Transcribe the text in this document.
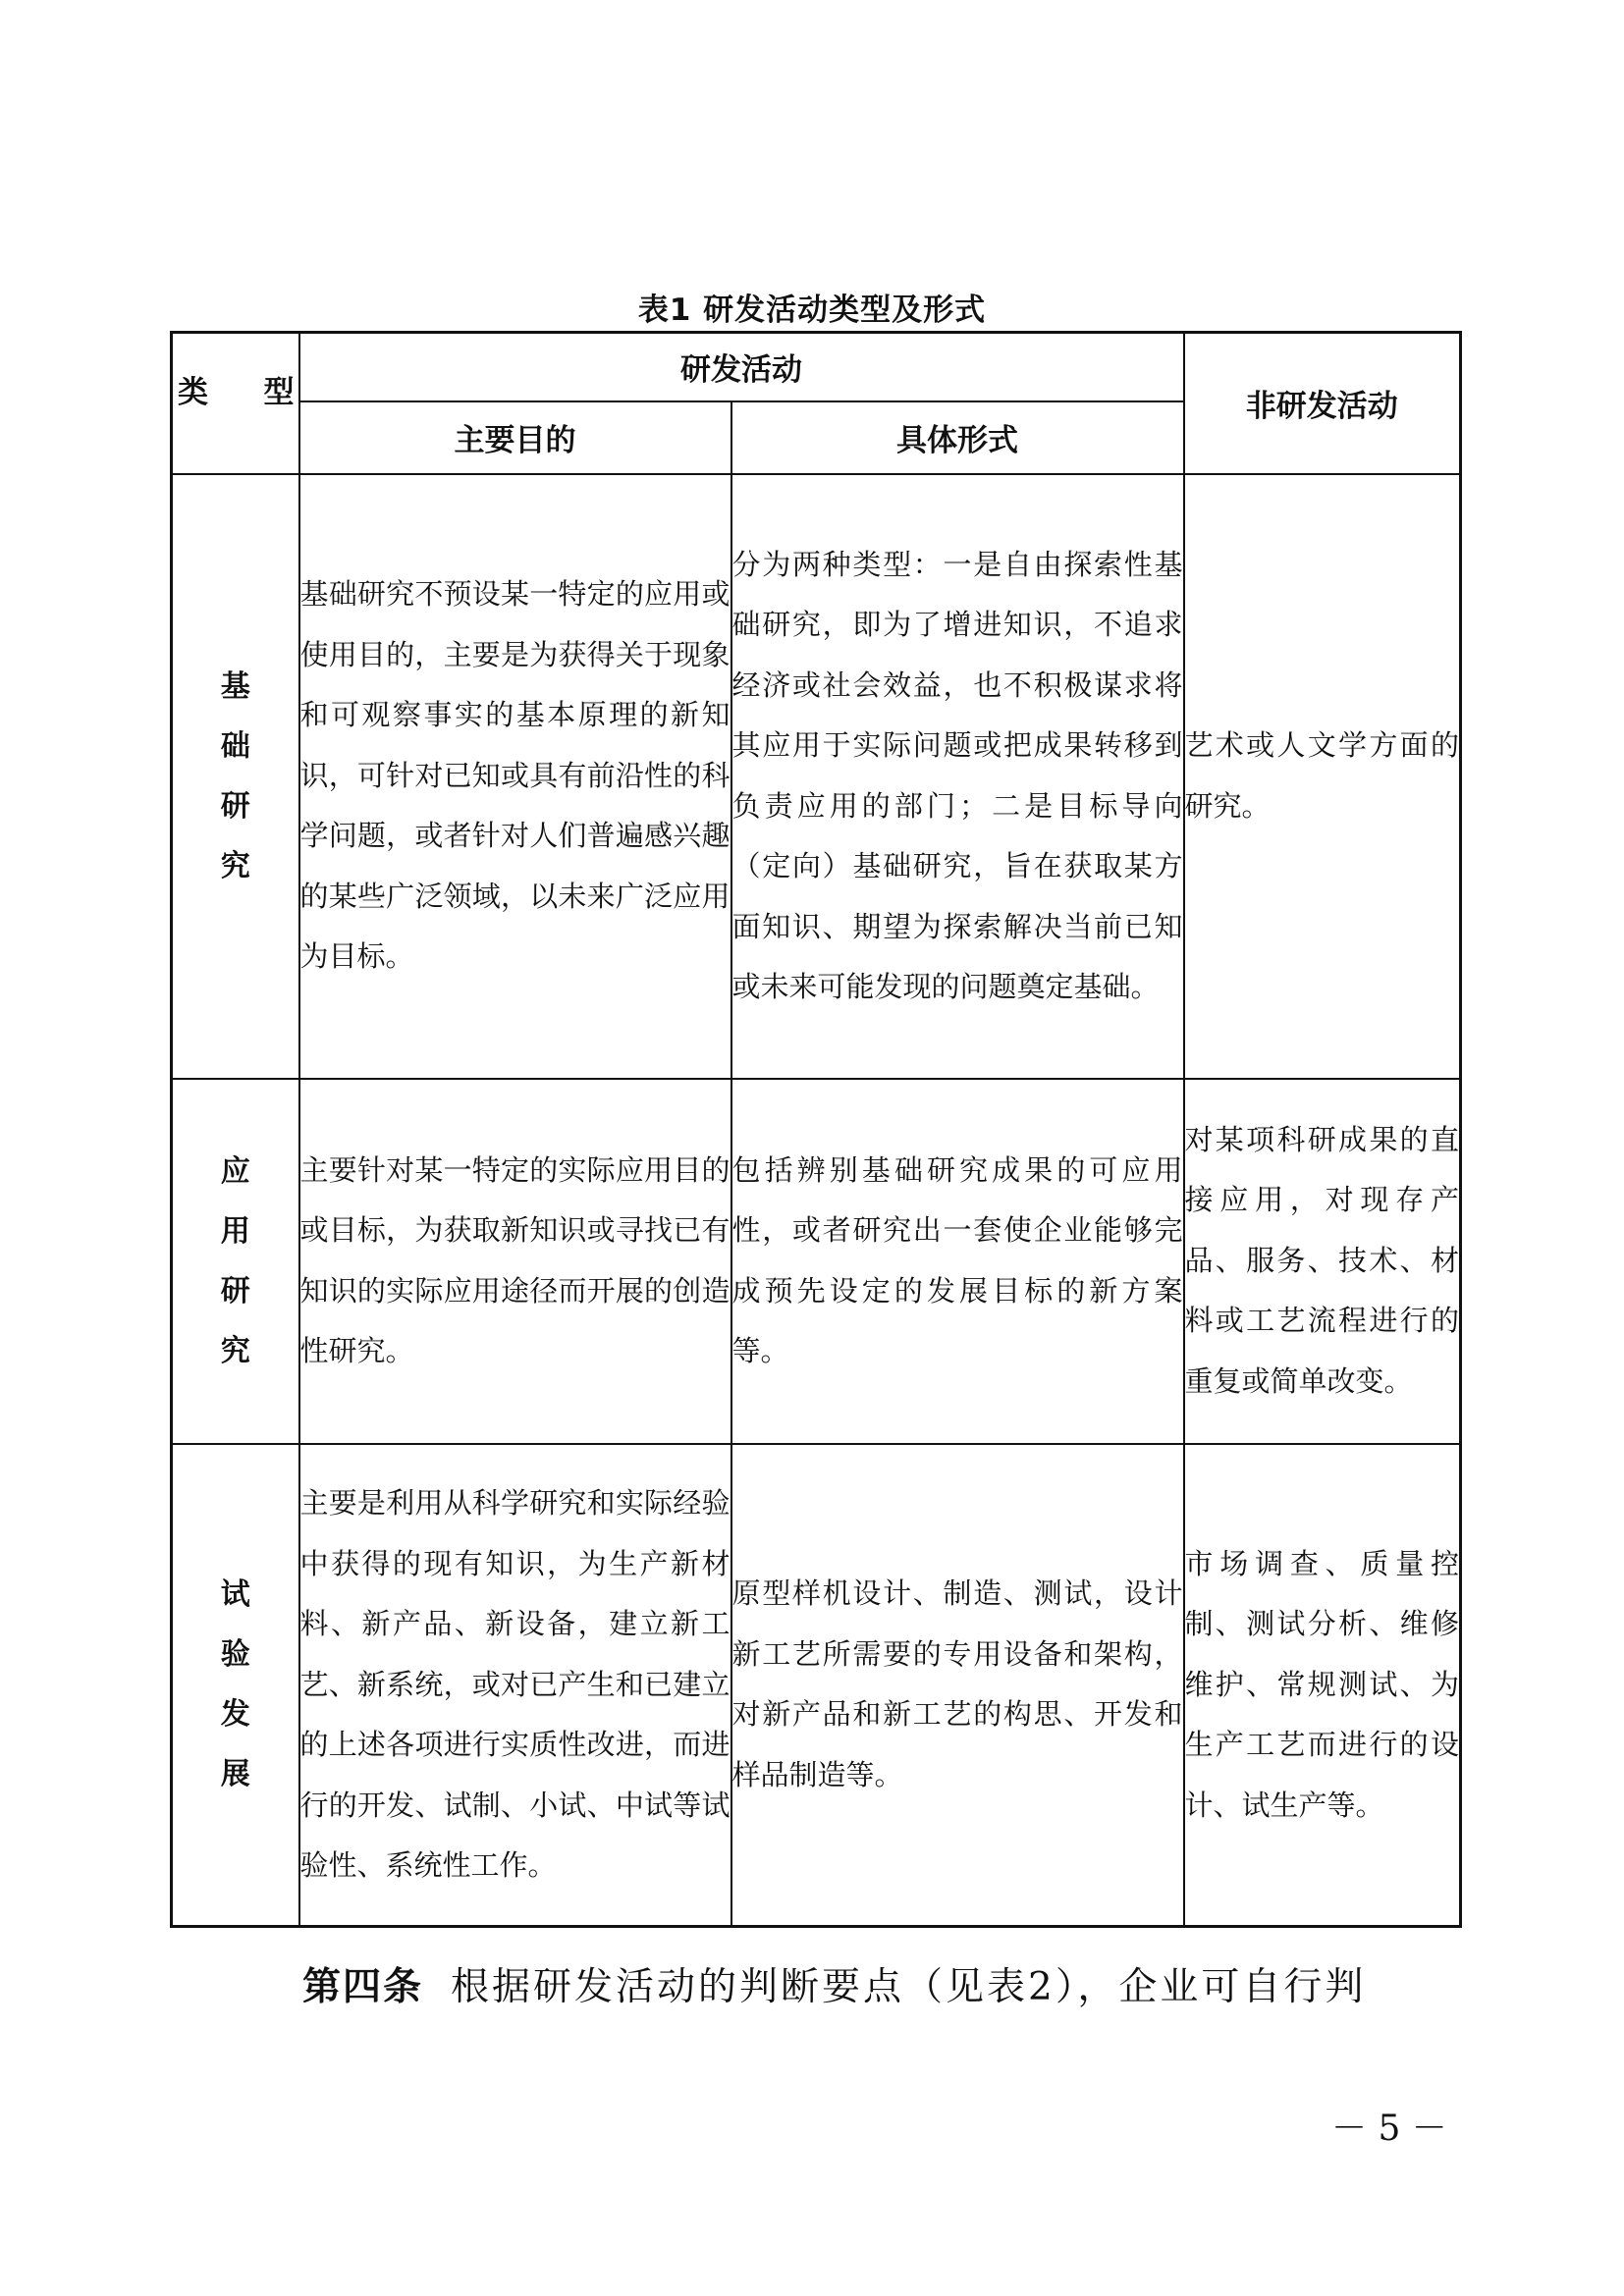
表1 研发活动类型及形式
类 型	研发活动		非研发活动
	主要目的	具体形式	

基
础
研
究	基础研究不预设某一特定的应用或使用目的，主要是为获得关于现象和可观察事实的基本原理的新知识，可针对已知或具有前沿性的科学问题，或者针对人们普遍感兴趣的某些广泛领域，以未来广泛应用为目标。	分为两种类型：一是自由探索性基础研究，即为了增进知识，不追求经济或社会效益，也不积极谋求将其应用于实际问题或把成果转移到负责应用的部门；二是目标导向（定向）基础研究，旨在获取某方面知识、期望为探索解决当前已知或未来可能发现的问题奠定基础。	艺术或人文学方面的研究。

应
用
研
究	主要针对某一特定的实际应用目的或目标，为获取新知识或寻找已有知识的实际应用途径而开展的创造性研究。	包括辨别基础研究成果的可应用性，或者研究出一套使企业能够完成预先设定的发展目标的新方案等。	对某项科研成果的直接应用，对现存产品、服务、技术、材料或工艺流程进行的重复或简单改变。

试
验
发
展	主要是利用从科学研究和实际经验中获得的现有知识，为生产新材料、新产品、新设备，建立新工艺、新系统，或对已产生和已建立的上述各项进行实质性改进，而进行的开发、试制、小试、中试等试验性、系统性工作。	原型样机设计、制造、测试，设计新工艺所需要的专用设备和架构，对新产品和新工艺的构思、开发和样品制造等。	市场调查、质量控制、测试分析、维修维护、常规测试、为生产工艺而进行的设计、试生产等。

第四条 根据研发活动的判断要点（见表2），企业可自行判
－ 5 －
